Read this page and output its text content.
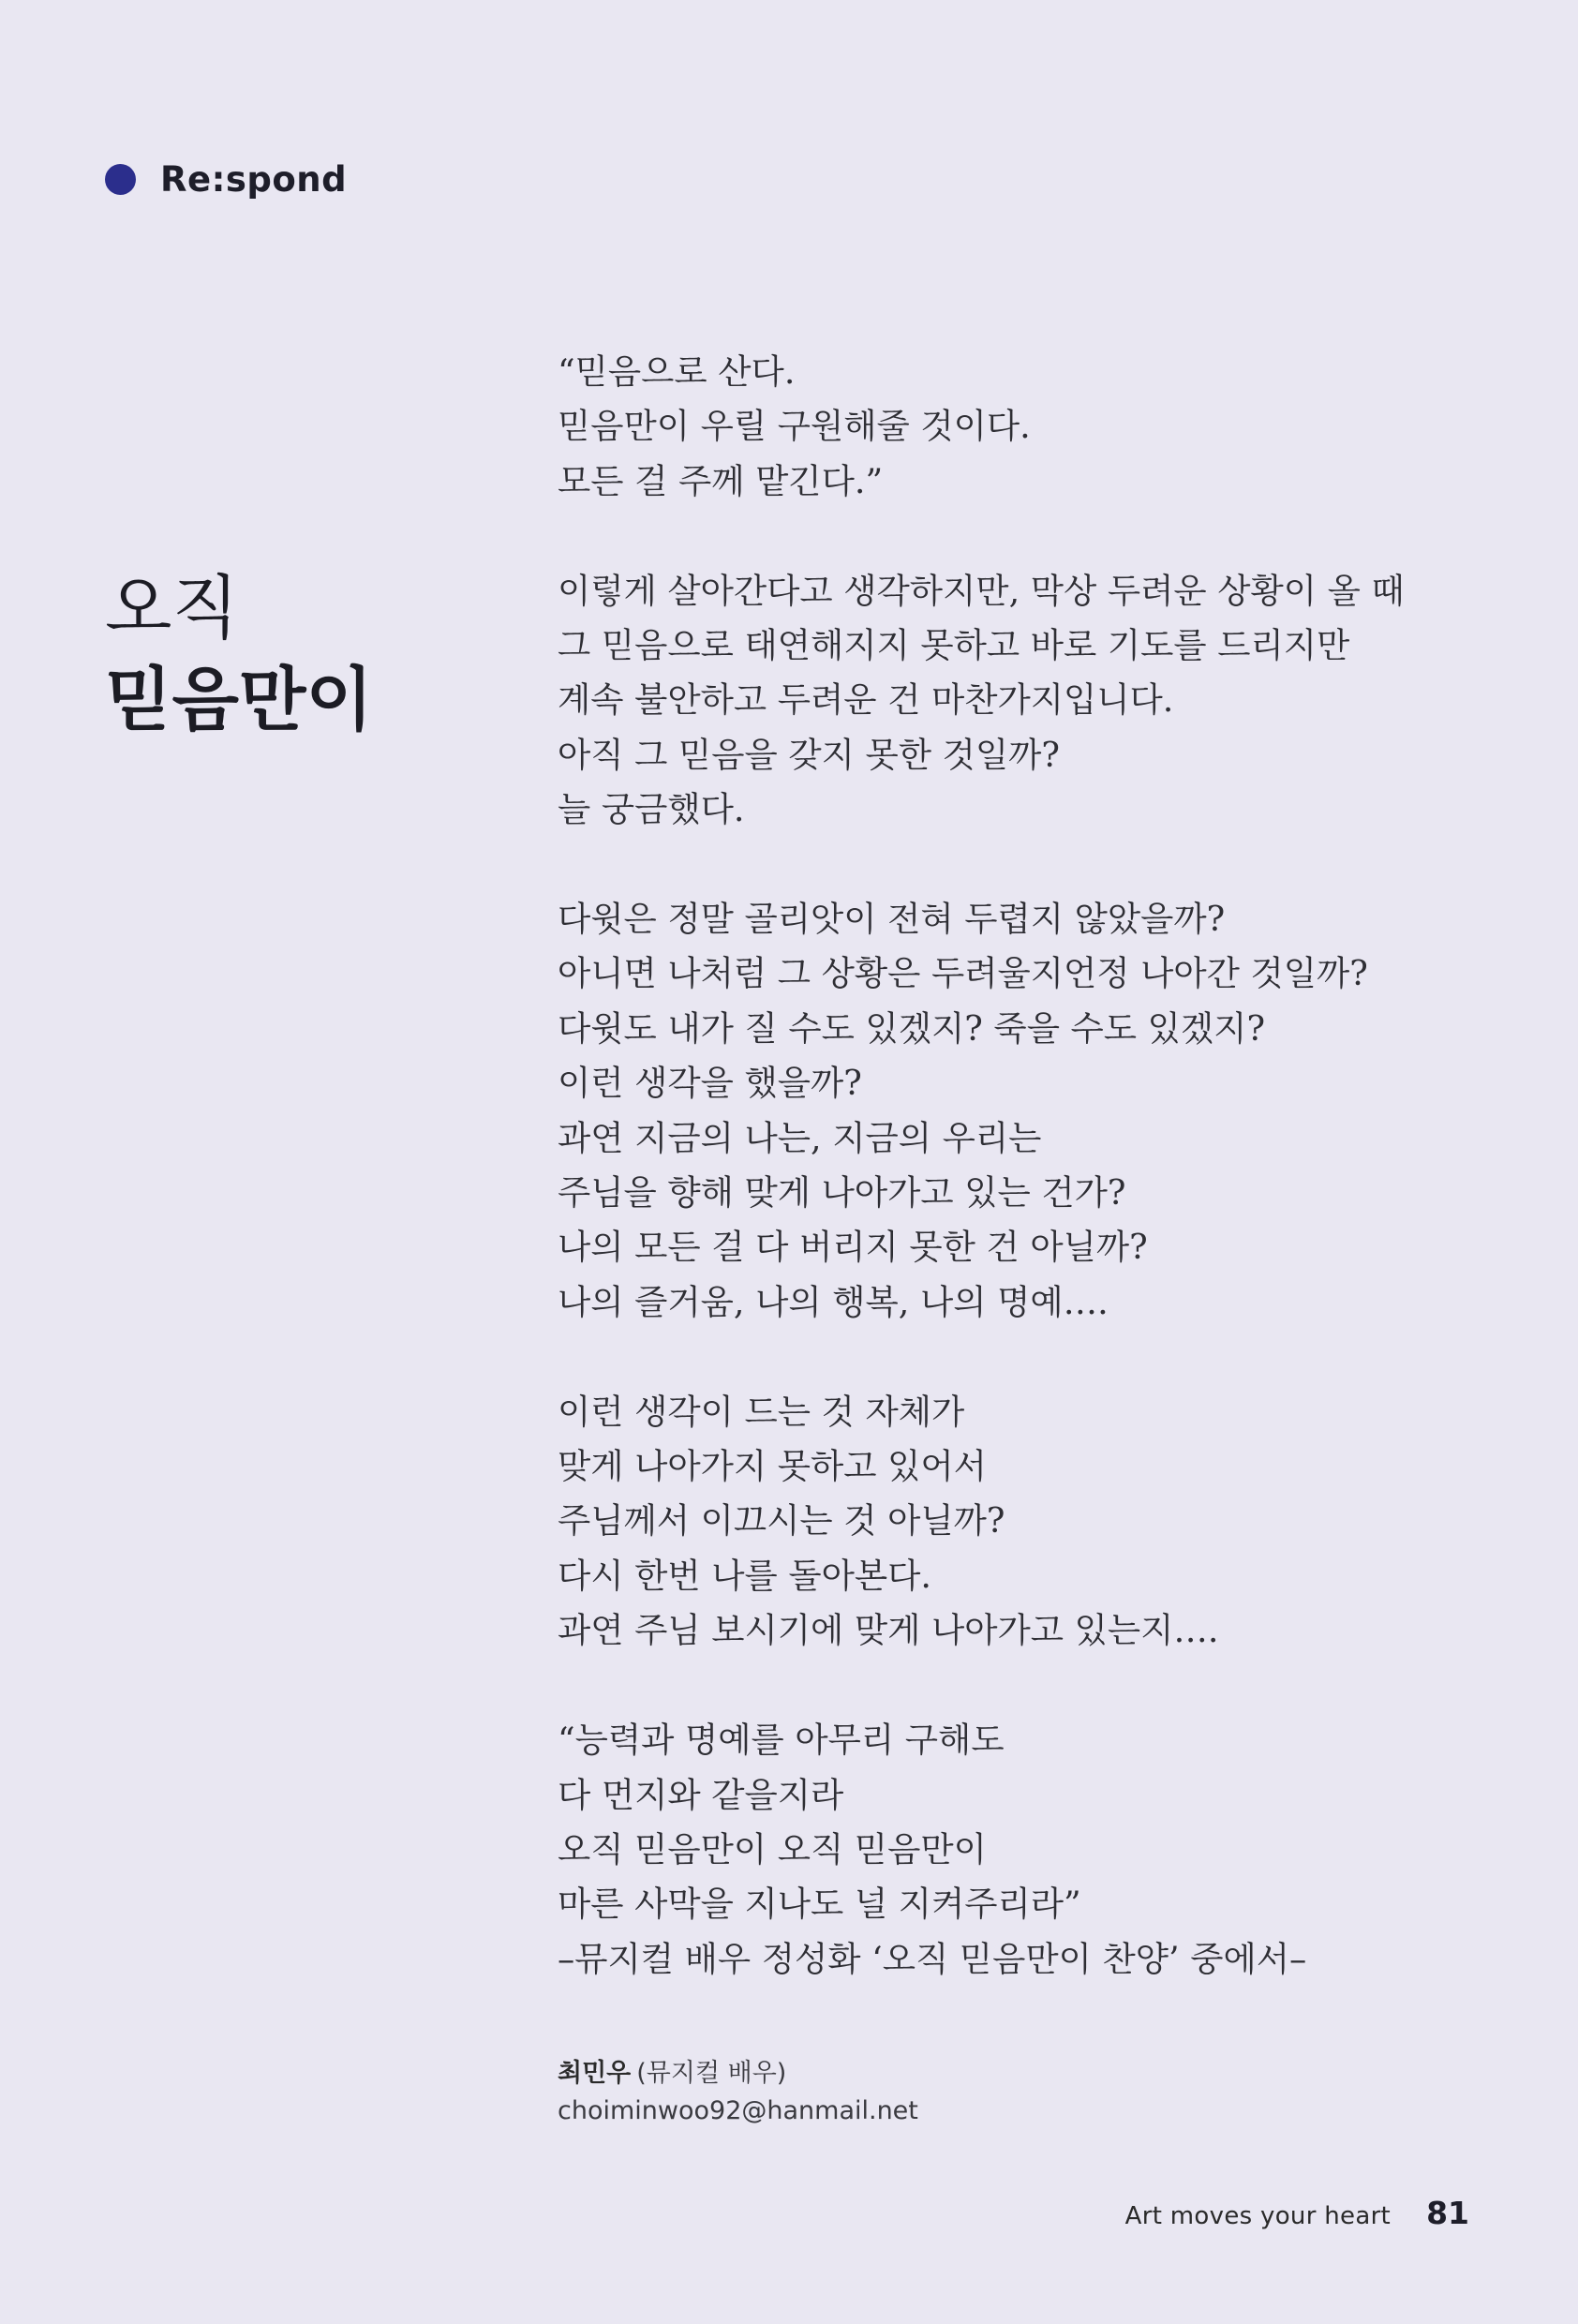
Re:spond
오직
믿음만이

“믿음으로 산다.
믿음만이 우릴 구원해줄 것이다.
모든 걸 주께 맡긴다.”

이렇게 살아간다고 생각하지만, 막상 두려운 상황이 올 때
그 믿음으로 태연해지지 못하고 바로 기도를 드리지만
계속 불안하고 두려운 건 마찬가지입니다.
아직 그 믿음을 갖지 못한 것일까?
늘 궁금했다.

다윗은 정말 골리앗이 전혀 두렵지 않았을까?
아니면 나처럼 그 상황은 두려울지언정 나아간 것일까?
다윗도 내가 질 수도 있겠지? 죽을 수도 있겠지?
이런 생각을 했을까?
과연 지금의 나는, 지금의 우리는
주님을 향해 맞게 나아가고 있는 건가?
나의 모든 걸 다 버리지 못한 건 아닐까?
나의 즐거움, 나의 행복, 나의 명예….

이런 생각이 드는 것 자체가
맞게 나아가지 못하고 있어서
주님께서 이끄시는 것 아닐까?
다시 한번 나를 돌아본다.
과연 주님 보시기에 맞게 나아가고 있는지….

“능력과 명예를 아무리 구해도
다 먼지와 같을지라
오직 믿음만이 오직 믿음만이
마른 사막을 지나도 널 지켜주리라”
–뮤지컬 배우 정성화 ‘오직 믿음만이 찬양’ 중에서–

최민우 (뮤지컬 배우)
choiminwoo92@hanmail.net
Art moves your heart 81
